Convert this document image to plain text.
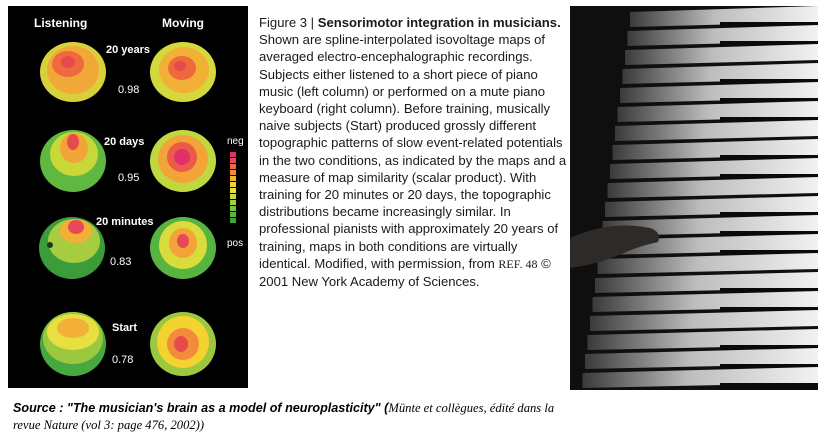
Listening	Moving
20 years
0.98
20 days
0.95
20 minutes
0.83
Start
0.78
neg
pos
Figure 3 | Sensorimotor integration in musicians. Shown are spline-interpolated isovoltage maps of averaged electro-encephalographic recordings. Subjects either listened to a short piece of piano music (left column) or performed on a mute piano keyboard (right column). Before training, musically naive subjects (Start) produced grossly different topographic patterns of slow event-related potentials in the two conditions, as indicated by the maps and a measure of map similarity (scalar product). With training for 20 minutes or 20 days, the topographic distributions became increasingly similar. In professional pianists with approximately 20 years of training, maps in both conditions are virtually identical. Modified, with permission, from REF. 48 © 2001 New York Academy of Sciences.
Source : "The musician's brain as a model of neuroplasticity" (Münte et collègues, édité dans la revue Nature (vol 3: page 476, 2002))
